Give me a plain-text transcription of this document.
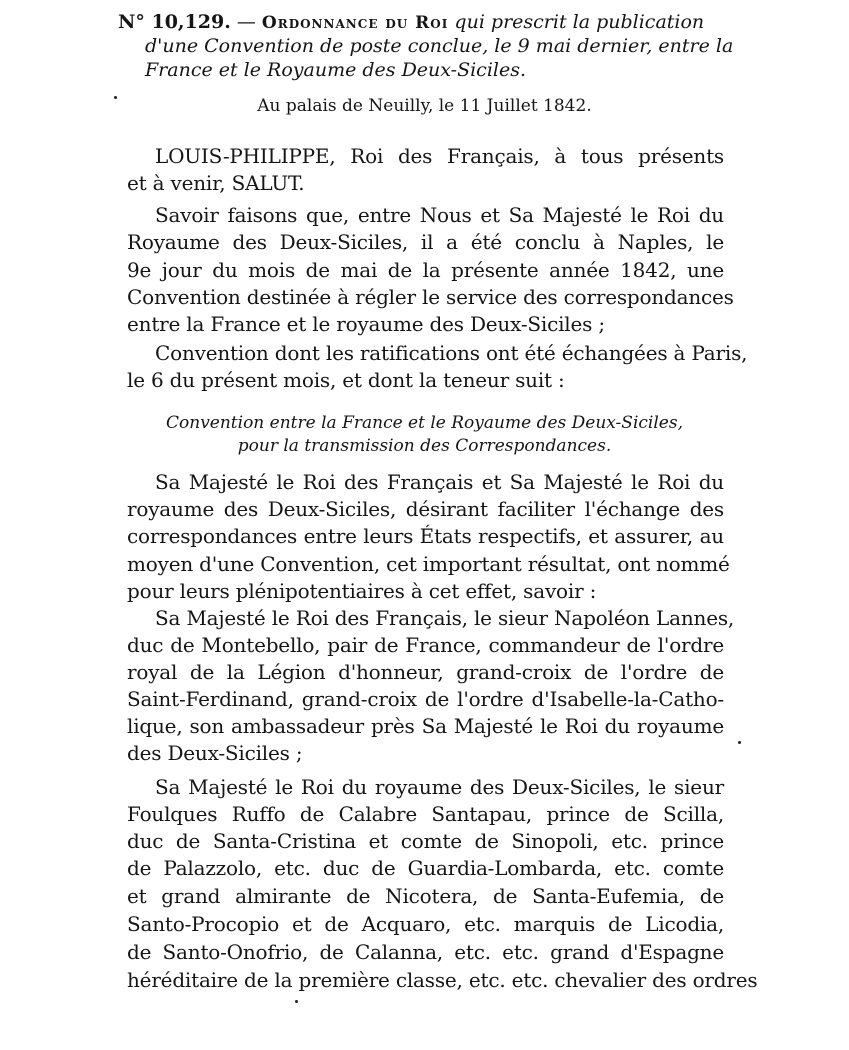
N° 10,129. — Ordonnance du Roi qui prescrit la publication
d'une Convention de poste conclue, le 9 mai dernier, entre la
France et le Royaume des Deux-Siciles.
Au palais de Neuilly, le 11 Juillet 1842.
LOUIS-PHILIPPE, Roi des Français, à tous présents
et à venir, SALUT.
Savoir faisons que, entre Nous et Sa Majesté le Roi du
Royaume des Deux-Siciles, il a été conclu à Naples, le
9e jour du mois de mai de la présente année 1842, une
Convention destinée à régler le service des correspondances
entre la France et le royaume des Deux-Siciles ;
Convention dont les ratifications ont été échangées à Paris,
le 6 du présent mois, et dont la teneur suit :
Convention entre la France et le Royaume des Deux-Siciles,
pour la transmission des Correspondances.
Sa Majesté le Roi des Français et Sa Majesté le Roi du
royaume des Deux-Siciles, désirant faciliter l'échange des
correspondances entre leurs États respectifs, et assurer, au
moyen d'une Convention, cet important résultat, ont nommé
pour leurs plénipotentiaires à cet effet, savoir :
Sa Majesté le Roi des Français, le sieur Napoléon Lannes,
duc de Montebello, pair de France, commandeur de l'ordre
royal de la Légion d'honneur, grand-croix de l'ordre de
Saint-Ferdinand, grand-croix de l'ordre d'Isabelle-la-Catho-
lique, son ambassadeur près Sa Majesté le Roi du royaume
des Deux-Siciles ;
Sa Majesté le Roi du royaume des Deux-Siciles, le sieur
Foulques Ruffo de Calabre Santapau, prince de Scilla,
duc de Santa-Cristina et comte de Sinopoli, etc. prince
de Palazzolo, etc. duc de Guardia-Lombarda, etc. comte
et grand almirante de Nicotera, de Santa-Eufemia, de
Santo-Procopio et de Acquaro, etc. marquis de Licodia,
de Santo-Onofrio, de Calanna, etc. etc. grand d'Espagne
héréditaire de la première classe, etc. etc. chevalier des ordres
